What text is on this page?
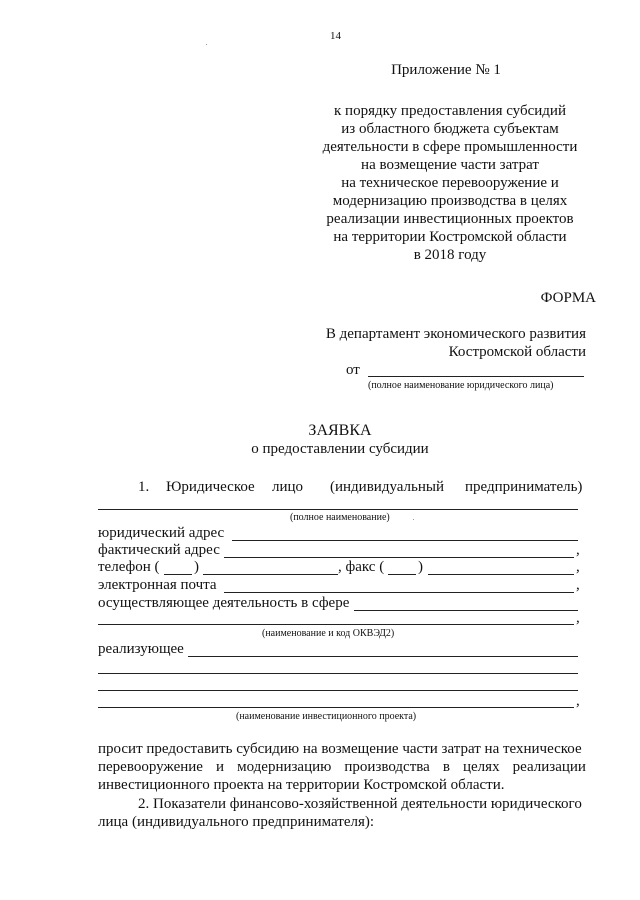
14
Приложение № 1
к порядку предоставления субсидий
из областного бюджета субъектам
деятельности в сфере промышленности
на возмещение части затрат
на техническое перевооружение и
модернизацию производства в целях
реализации инвестиционных проектов
на территории Костромской области
в 2018 году
ФОРМА
В департамент экономического развития
Костромской области
от
(полное наименование юридического лица)
ЗАЯВКА
о предоставлении субсидии
1. Юридическое лицо (индивидуальный предприниматель)
(полное наименование)
юридический адрес
фактический адрес	,
телефон ( )	, факс ( )	,
электронная почта	,
осуществляющее деятельность в сфере
,
(наименование и код ОКВЭД2)
реализующее
,
(наименование инвестиционного проекта)
просит предоставить субсидию на возмещение части затрат на техническое
перевооружение и модернизацию производства в целях реализации
инвестиционного проекта на территории Костромской области.
2. Показатели финансово-хозяйственной деятельности юридического
лица (индивидуального предпринимателя):
